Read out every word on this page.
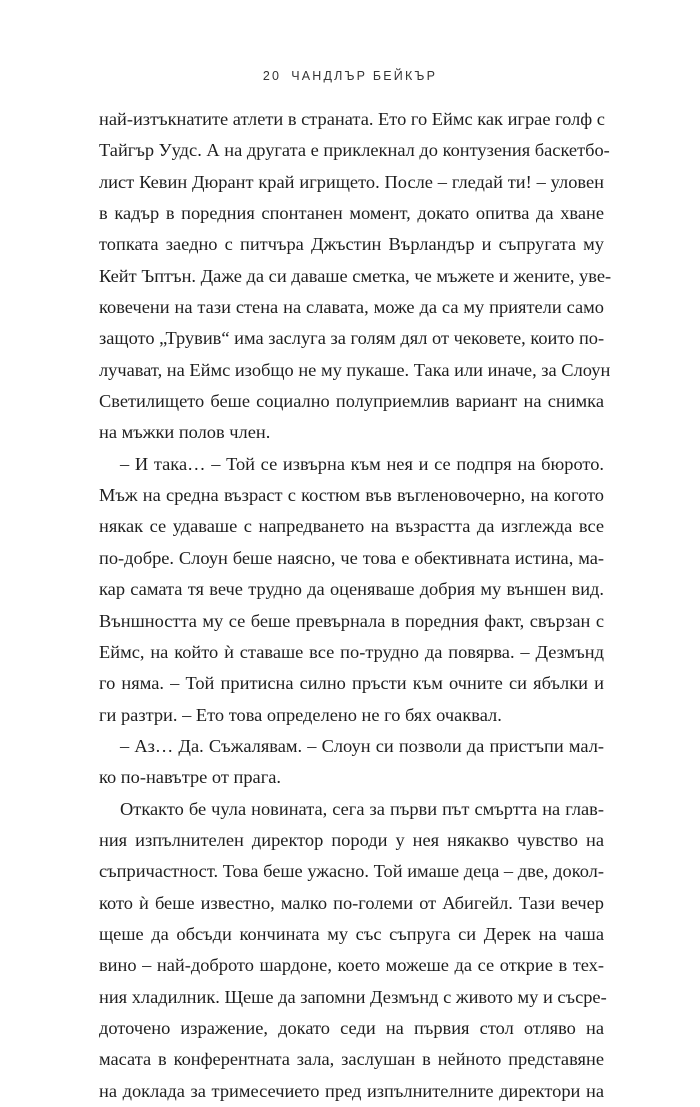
20 ЧАНДЛЪР БЕЙКЪР
най-изтъкнатите атлети в страната. Ето го Еймс как играе голф с
Тайгър Уудс. А на другата е приклекнал до контузения баскетбо-
лист Кевин Дюрант край игрището. После – гледай ти! – уловен
в кадър в поредния спонтанен момент, докато опитва да хване
топката заедно с питчъра Джъстин Върландър и съпругата му
Кейт Ъптън. Даже да си даваше сметка, че мъжете и жените, уве-
ковечени на тази стена на славата, може да са му приятели само
защото „Трувив“ има заслуга за голям дял от чековете, които по-
лучават, на Еймс изобщо не му пукаше. Така или иначе, за Слоун
Светилището беше социално полуприемлив вариант на снимка
на мъжки полов член.
– И така… – Той се извърна към нея и се подпря на бюрото.
Мъж на средна възраст с костюм във въгленовочерно, на когото
някак се удаваше с напредването на възрастта да изглежда все
по-добре. Слоун беше наясно, че това е обективната истина, ма-
кар самата тя вече трудно да оценяваше добрия му външен вид.
Външността му се беше превърнала в поредния факт, свързан с
Еймс, на който ѝ ставаше все по-трудно да повярва. – Дезмънд
го няма. – Той притисна силно пръсти към очните си ябълки и
ги разтри. – Ето това определено не го бях очаквал.
– Аз… Да. Съжалявам. – Слоун си позволи да пристъпи мал-
ко по-навътре от прага.
Откакто бе чула новината, сега за първи път смъртта на глав-
ния изпълнителен директор породи у нея някакво чувство на
съпричастност. Това беше ужасно. Той имаше деца – две, докол-
кото ѝ беше известно, малко по-големи от Абигейл. Тази вечер
щеше да обсъди кончината му със съпруга си Дерек на чаша
вино – най-доброто шардоне, което можеше да се открие в тех-
ния хладилник. Щеше да запомни Дезмънд с живото му и съсре-
доточено изражение, докато седи на първия стол отляво на
масата в конферентната зала, заслушан в нейното представяне
на доклада за тримесечието пред изпълнителните директори на
